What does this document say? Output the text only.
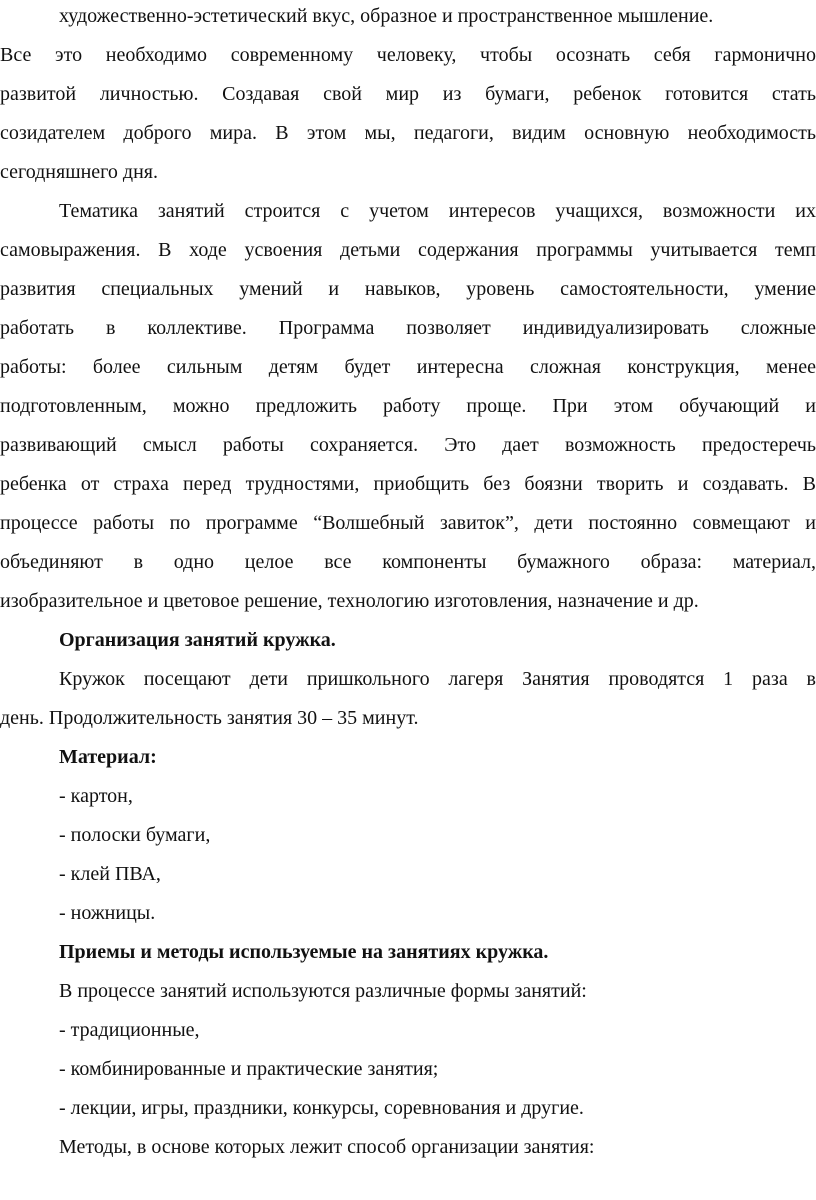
художественно-эстетический вкус, образное и пространственное мышление.
Все это необходимо современному человеку, чтобы осознать себя гармонично
развитой личностью. Создавая свой мир из бумаги, ребенок готовится стать
созидателем доброго мира. В этом мы, педагоги, видим основную необходимость
сегодняшнего дня.
Тематика занятий строится с учетом интересов учащихся, возможности их
самовыражения. В ходе усвоения детьми содержания программы учитывается темп
развития специальных умений и навыков, уровень самостоятельности, умение
работать в коллективе. Программа позволяет индивидуализировать сложные
работы: более сильным детям будет интересна сложная конструкция, менее
подготовленным, можно предложить работу проще. При этом обучающий и
развивающий смысл работы сохраняется. Это дает возможность предостеречь
ребенка от страха перед трудностями, приобщить без боязни творить и создавать. В
процессе работы по программе “Волшебный завиток”, дети постоянно совмещают и
объединяют в одно целое все компоненты бумажного образа: материал,
изобразительное и цветовое решение, технологию изготовления, назначение и др.
Организация занятий кружка.
Кружок посещают дети пришкольного лагеря Занятия проводятся 1 раза в
день. Продолжительность занятия 30 – 35 минут.
Материал:
- картон,
- полоски бумаги,
- клей ПВА,
- ножницы.
Приемы и методы используемые на занятиях кружка.
В процессе занятий используются различные формы занятий:
- традиционные,
- комбинированные и практические занятия;
- лекции, игры, праздники, конкурсы, соревнования и другие.
Методы, в основе которых лежит способ организации занятия:
